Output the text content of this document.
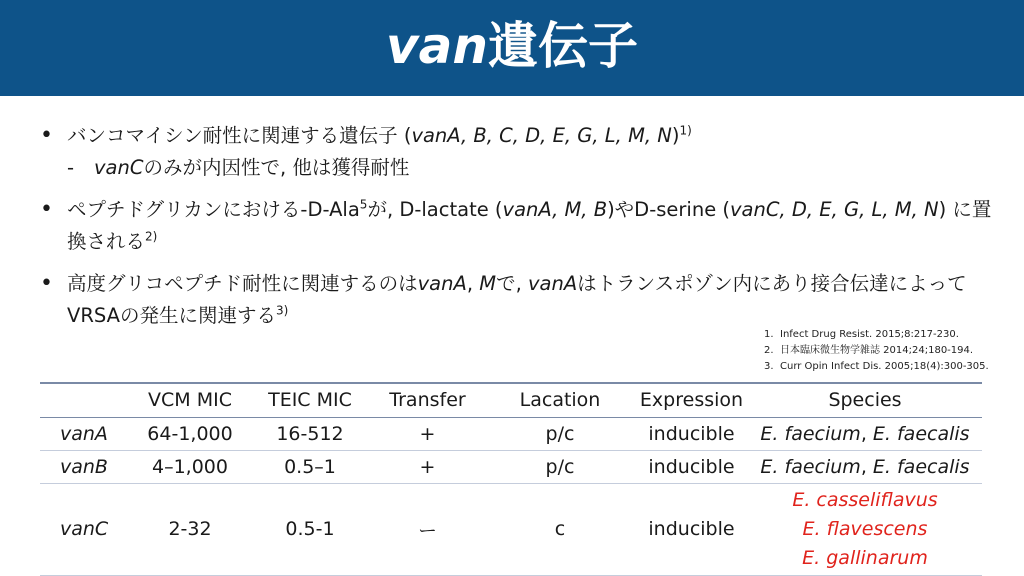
van遺伝子
• バンコマイシン耐性に関連する遺伝子 (vanA, B, C, D, E, G, L, M, N)$^{1)}$
- vanCのみが内因性で, 他は獲得耐性
• ペプチドグリカンにおける-D-Ala$^5$が, D-lactate (vanA, M, B)やD-serine (vanC, D, E, G, L, M, N) に置換される$^{2)}$
• 高度グリコペプチド耐性に関連するのはvanA, Mで, vanAはトランスポゾン内にあり接合伝達によってVRSAの発生に関連する$^{3)}$
1. Infect Drug Resist. 2015;8:217-230.
2. 日本臨床微生物学雑誌 2014;24;180-194.
3. Curr Opin Infect Dis. 2005;18(4):300-305.
	VCM MIC	TEIC MIC	Transfer	Lacation	Expression	Species
vanA	64-1,000	16-512	+	p/c	inducible	E. faecium, E. faecalis
vanB	4–1,000	0.5–1	+	p/c	inducible	E. faecium, E. faecalis
vanC	2-32	0.5-1	ー	c	inducible	E. casseliflavus
E. flavescens
E. gallinarum
